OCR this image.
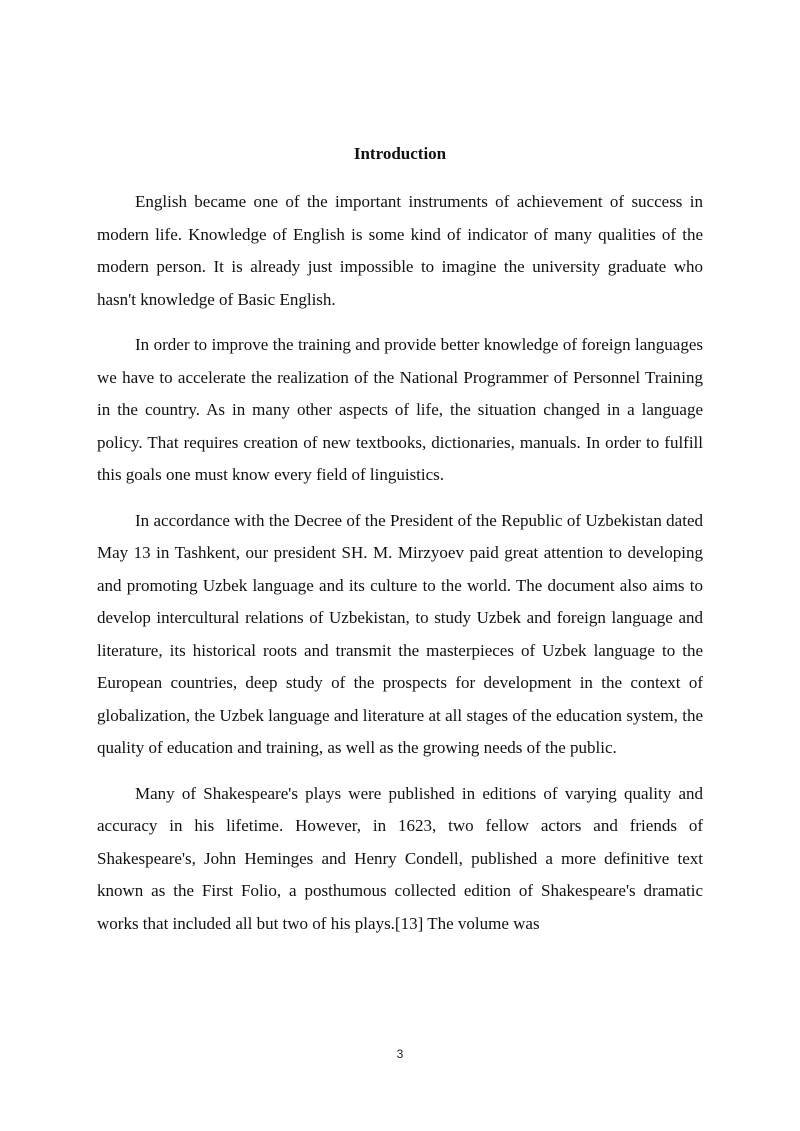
Introduction

English became one of the important instruments of achievement of success in modern life. Knowledge of English is some kind of indicator of many qualities of the modern person. It is already just impossible to imagine the university graduate who hasn't knowledge of Basic English.

In order to improve the training and provide better knowledge of foreign languages we have to accelerate the realization of the National Programmer of Personnel Training in the country. As in many other aspects of life, the situation changed in a language policy. That requires creation of new textbooks, dictionaries, manuals. In order to fulfill this goals one must know every field of linguistics.

In accordance with the Decree of the President of the Republic of Uzbekistan dated May 13 in Tashkent, our president SH. M. Mirzyoev paid great attention to developing and promoting Uzbek language and its culture to the world. The document also aims to develop intercultural relations of Uzbekistan, to study Uzbek and foreign language and literature, its historical roots and transmit the masterpieces of Uzbek language to the European countries, deep study of the prospects for development in the context of globalization, the Uzbek language and literature at all stages of the education system, the quality of education and training, as well as the growing needs of the public.

Many of Shakespeare's plays were published in editions of varying quality and accuracy in his lifetime. However, in 1623, two fellow actors and friends of Shakespeare's, John Heminges and Henry Condell, published a more definitive text known as the First Folio, a posthumous collected edition of Shakespeare's dramatic works that included all but two of his plays.[13] The volume was

3
